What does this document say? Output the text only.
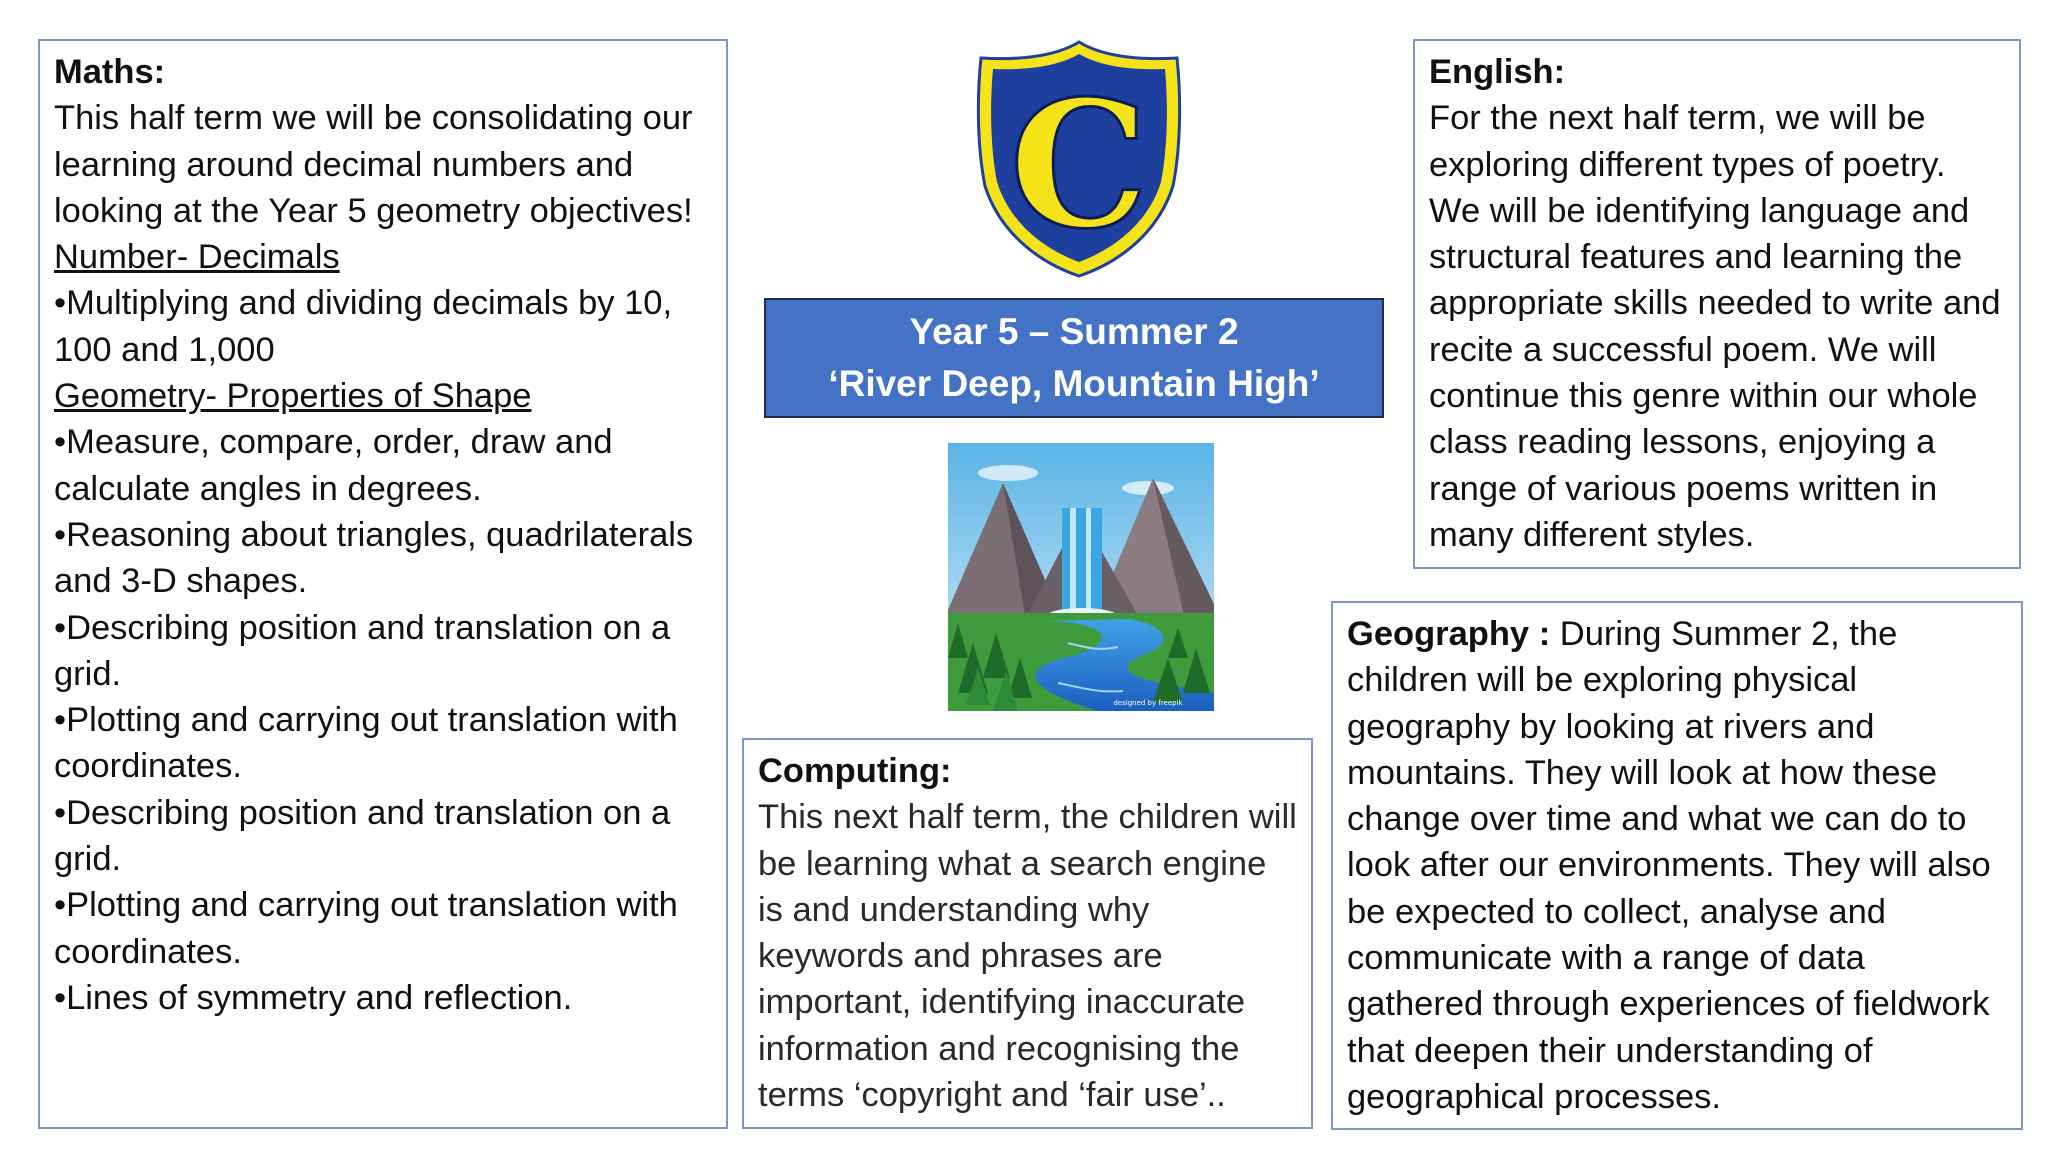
Maths:

This half term we will be consolidating our learning around decimal numbers and looking at the Year 5 geometry objectives!

Number- Decimals

•Multiplying and dividing decimals by 10, 100 and 1,000

Geometry- Properties of Shape

•Measure, compare, order, draw and calculate angles in degrees.

•Reasoning about triangles, quadrilaterals and 3-D shapes.

•Describing position and translation on a grid.

•Plotting and carrying out translation with coordinates.

•Describing position and translation on a grid.

•Plotting and carrying out translation with coordinates.

•Lines of symmetry and reflection.

C
Year 5 – Summer 2
‘River Deep, Mountain High’
designed by freepik

English:

For the next half term, we will be exploring different types of poetry. We will be identifying language and structural features and learning the appropriate skills needed to write and recite a successful poem. We will continue this genre within our whole class reading lessons, enjoying a range of various poems written in many different styles.

Geography : During Summer 2, the children will be exploring physical geography by looking at rivers and mountains. They will look at how these change over time and what we can do to look after our environments. They will also be expected to collect, analyse and communicate with a range of data gathered through experiences of fieldwork that deepen their understanding of geographical processes.

Computing:

This next half term, the children will be learning what a search engine is and understanding why keywords and phrases are important, identifying inaccurate information and recognising the terms ‘copyright and ‘fair use’..
